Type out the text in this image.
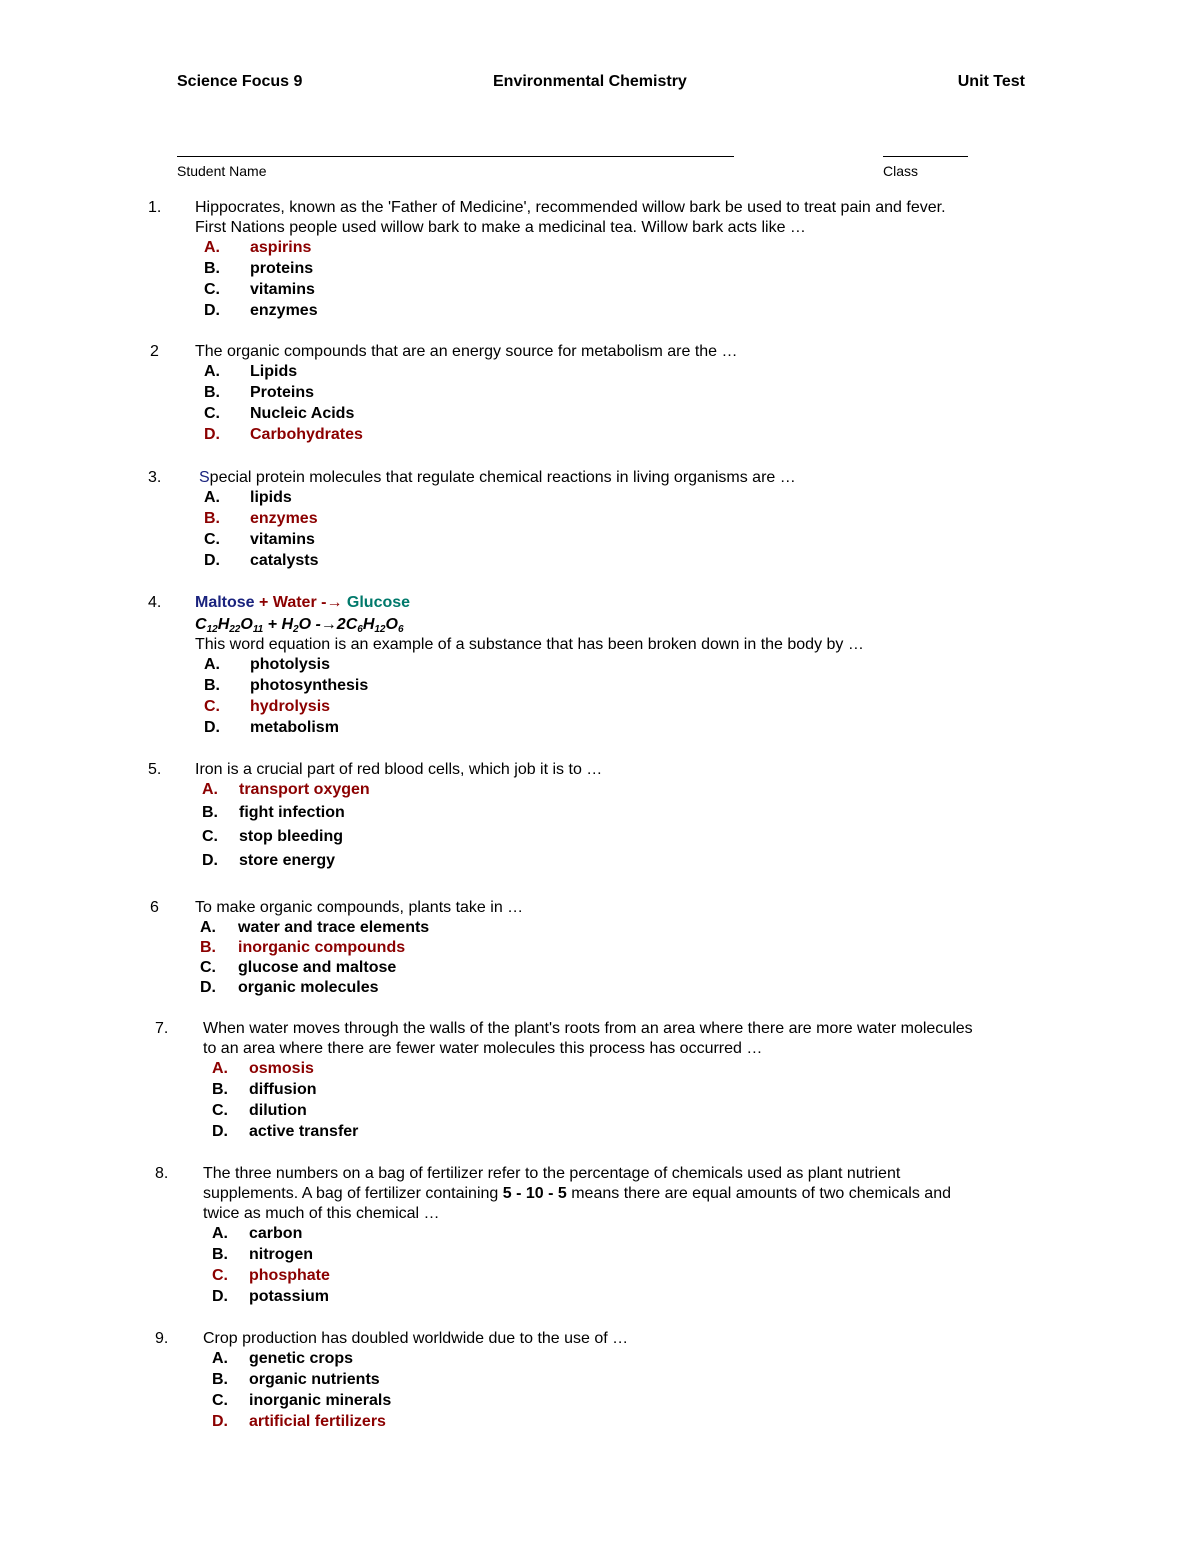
Science Focus 9	Environmental Chemistry	Unit Test
Student Name	Class
1. Hippocrates, known as the 'Father of Medicine', recommended willow bark be used to treat pain and fever.
First Nations people used willow bark to make a medicinal tea. Willow bark acts like …
A. aspirins
B. proteins
C. vitamins
D. enzymes
2 The organic compounds that are an energy source for metabolism are the …
A. Lipids
B. Proteins
C. Nucleic Acids
D. Carbohydrates
3. Special protein molecules that regulate chemical reactions in living organisms are …
A. lipids
B. enzymes
C. vitamins
D. catalysts
4. Maltose + Water -→ Glucose
$C_{12}H_{22}O_{11} + H_2O$ $-\to 2C_6H_{12}O_6$
This word equation is an example of a substance that has been broken down in the body by …
A. photolysis
B. photosynthesis
C. hydrolysis
D. metabolism
5. Iron is a crucial part of red blood cells, which job it is to …
A. transport oxygen
B. fight infection
C. stop bleeding
D. store energy
6 To make organic compounds, plants take in …
A. water and trace elements
B. inorganic compounds
C. glucose and maltose
D. organic molecules
7. When water moves through the walls of the plant's roots from an area where there are more water molecules
to an area where there are fewer water molecules this process has occurred …
A. osmosis
B. diffusion
C. dilution
D. active transfer
8. The three numbers on a bag of fertilizer refer to the percentage of chemicals used as plant nutrient
supplements. A bag of fertilizer containing 5 - 10 - 5 means there are equal amounts of two chemicals and
twice as much of this chemical …
A. carbon
B. nitrogen
C. phosphate
D. potassium
9. Crop production has doubled worldwide due to the use of …
A. genetic crops
B. organic nutrients
C. inorganic minerals
D. artificial fertilizers
